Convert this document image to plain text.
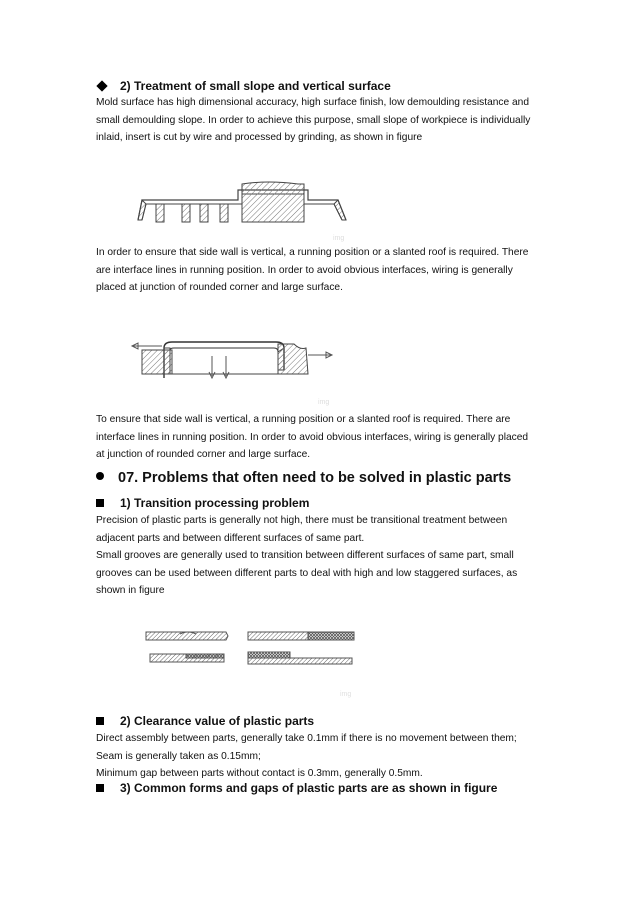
2) Treatment of small slope and vertical surface
Mold surface has high dimensional accuracy, high surface finish, low demoulding resistance and
small demoulding slope. In order to achieve this purpose, small slope of workpiece is individually
inlaid, insert is cut by wire and processed by grinding, as shown in figure
img
In order to ensure that side wall is vertical, a running position or a slanted roof is required. There
are interface lines in running position. In order to avoid obvious interfaces, wiring is generally
placed at junction of rounded corner and large surface.
img
To ensure that side wall is vertical, a running position or a slanted roof is required. There are
interface lines in running position. In order to avoid obvious interfaces, wiring is generally placed
at junction of rounded corner and large surface.
07. Problems that often need to be solved in plastic parts
1) Transition processing problem
Precision of plastic parts is generally not high, there must be transitional treatment between
adjacent parts and between different surfaces of same part.
Small grooves are generally used to transition between different surfaces of same part, small
grooves can be used between different parts to deal with high and low staggered surfaces, as
shown in figure
img
2) Clearance value of plastic parts
Direct assembly between parts, generally take 0.1mm if there is no movement between them;
Seam is generally taken as 0.15mm;
Minimum gap between parts without contact is 0.3mm, generally 0.5mm.
3) Common forms and gaps of plastic parts are as shown in figure
